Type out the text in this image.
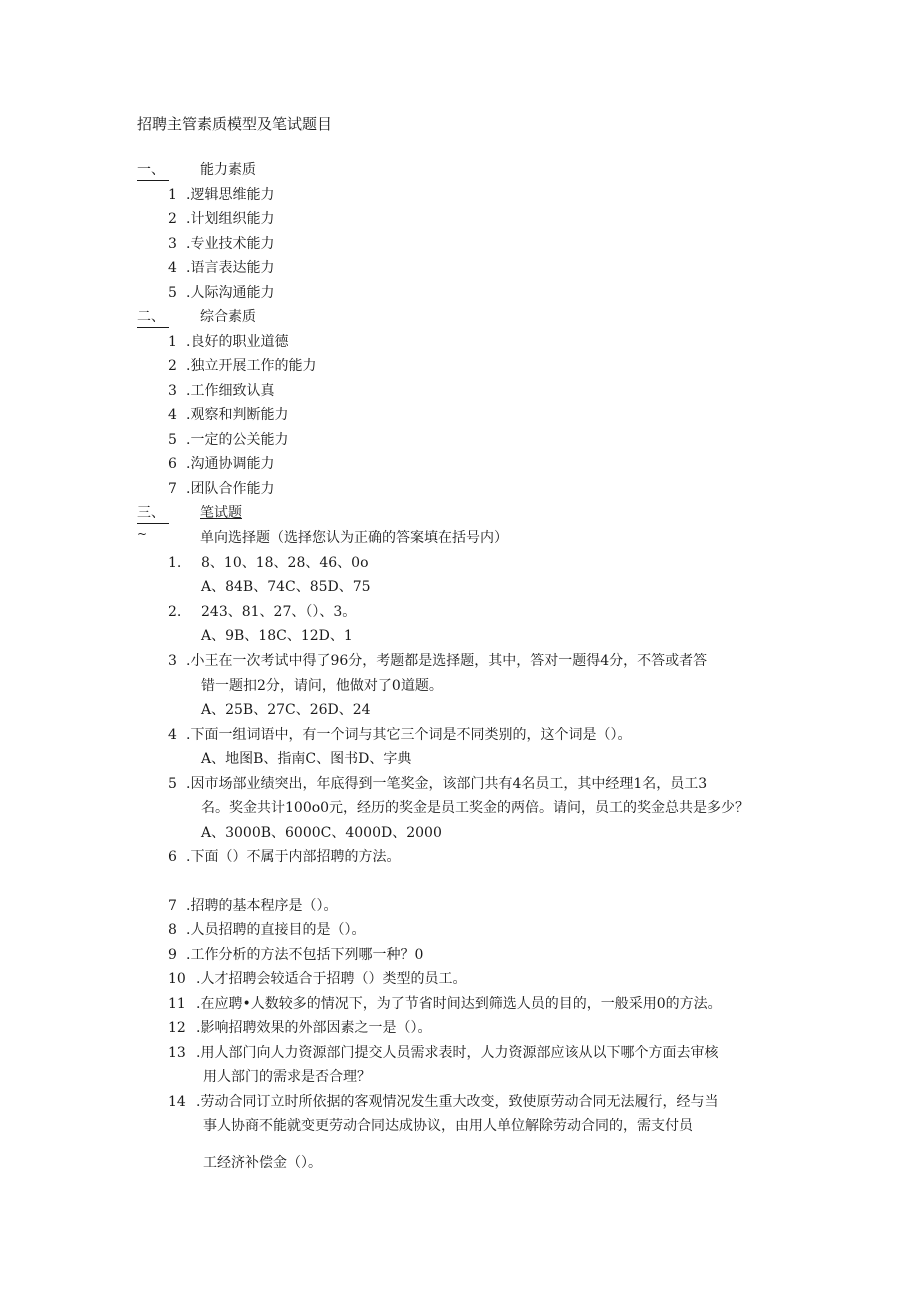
招聘主管素质模型及笔试题目
一、	能力素质
1 .逻辑思维能力
2 .计划组织能力
3 .专业技术能力
4 .语言表达能力
5 .人际沟通能力
二、	综合素质
1 .良好的职业道德
2 .独立开展工作的能力
3 .工作细致认真
4 .观察和判断能力
5 .一定的公关能力
6 .沟通协调能力
7 .团队合作能力
三、	笔试题
~	单向选择题（选择您认为正确的答案填在括号内）
1. 8、10、18、28、46、0o
A、84B、74C、85D、75
2. 243、81、27、（）、3。
A、9B、18C、12D、1
3 .小王在一次考试中得了96分，考题都是选择题，其中，答对一题得4分，不答或者答
错一题扣2分，请问，他做对了0道题。
A、25B、27C、26D、24
4 .下面一组词语中，有一个词与其它三个词是不同类别的，这个词是（）。
A、地图B、指南C、图书D、字典
5 .因市场部业绩突出，年底得到一笔奖金，该部门共有4名员工，其中经理1名，员工3
名。奖金共计100o0元，经历的奖金是员工奖金的两倍。请问，员工的奖金总共是多少？
A、3000B、6000C、4000D、2000
6 .下面（）不属于内部招聘的方法。
7 .招聘的基本程序是（）。
8 .人员招聘的直接目的是（）。
9 .工作分析的方法不包括下列哪一种？0
10 .人才招聘会较适合于招聘（）类型的员工。
11 .在应聘•人数较多的情况下，为了节省时间达到筛选人员的目的，一般采用0的方法。
12 .影响招聘效果的外部因素之一是（）。
13 .用人部门向人力资源部门提交人员需求表时，人力资源部应该从以下哪个方面去审核
用人部门的需求是否合理？
14 .劳动合同订立时所依据的客观情况发生重大改变，致使原劳动合同无法履行，经与当
事人协商不能就变更劳动合同达成协议，由用人单位解除劳动合同的，需支付员
工经济补偿金（）。
